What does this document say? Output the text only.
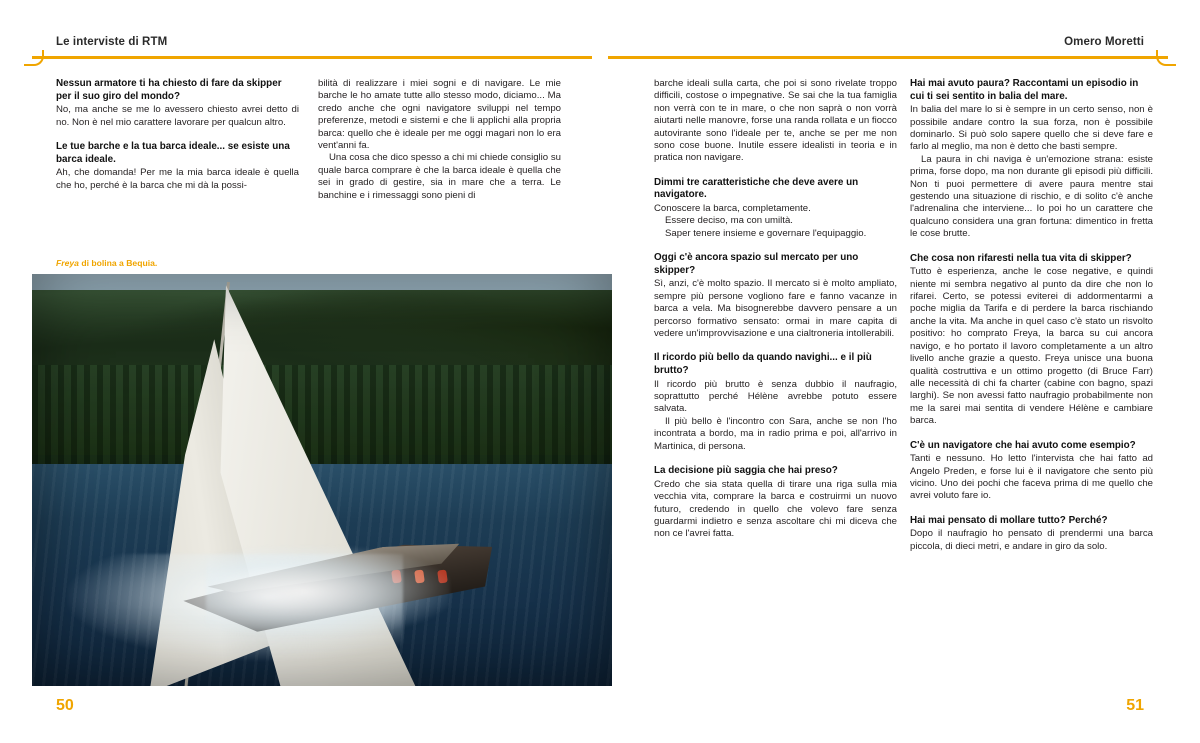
Le interviste di RTM	Omero Moretti
Nessun armatore ti ha chiesto di fare da skipper per il suo giro del mondo?

No, ma anche se me lo avessero chiesto avrei detto di no. Non è nel mio carattere lavorare per qualcun altro.

Le tue barche e la tua barca ideale... se esiste una barca ideale.

Ah, che domanda! Per me la mia barca ideale è quella che ho, perché è la barca che mi dà la possi-

bilità di realizzare i miei sogni e di navigare. Le mie barche le ho amate tutte allo stesso modo, diciamo... Ma credo anche che ogni navigatore sviluppi nel tempo preferenze, metodi e sistemi e che li applichi alla propria barca: quello che è ideale per me oggi magari non lo era vent'anni fa.

Una cosa che dico spesso a chi mi chiede consiglio su quale barca comprare è che la barca ideale è quella che sei in grado di gestire, sia in mare che a terra. Le banchine e i rimessaggi sono pieni di

barche ideali sulla carta, che poi si sono rivelate troppo difficili, costose o impegnative. Se sai che la tua famiglia non verrà con te in mare, o che non saprà o non vorrà aiutarti nelle manovre, forse una randa rollata e un fiocco autovirante sono l'ideale per te, anche se per me non sono cose buone. Inutile essere idealisti in teoria e in pratica non navigare.

Dimmi tre caratteristiche che deve avere un navigatore.

Conoscere la barca, completamente.

Essere deciso, ma con umiltà.

Saper tenere insieme e governare l'equipaggio.

Oggi c'è ancora spazio sul mercato per uno skipper?

Sì, anzi, c'è molto spazio. Il mercato si è molto ampliato, sempre più persone vogliono fare e fanno vacanze in barca a vela. Ma bisognerebbe davvero pensare a un percorso formativo sensato: ormai in mare capita di vedere un'improvvisazione e una cialtroneria intollerabili.

Il ricordo più bello da quando navighi... e il più brutto?

Il ricordo più brutto è senza dubbio il naufragio, soprattutto perché Hélène avrebbe potuto essere salvata.

Il più bello è l'incontro con Sara, anche se non l'ho incontrata a bordo, ma in radio prima e poi, all'arrivo in Martinica, di persona.

La decisione più saggia che hai preso?

Credo che sia stata quella di tirare una riga sulla mia vecchia vita, comprare la barca e costruirmi un nuovo futuro, credendo in quello che volevo fare senza guardarmi indietro e senza ascoltare chi mi diceva che non ce l'avrei fatta.

Hai mai avuto paura? Raccontami un episodio in cui ti sei sentito in balia del mare.

In balia del mare lo si è sempre in un certo senso, non è possibile andare contro la sua forza, non è possibile dominarlo. Si può solo sapere quello che si deve fare e farlo al meglio, ma non è detto che basti sempre.

La paura in chi naviga è un'emozione strana: esiste prima, forse dopo, ma non durante gli episodi più difficili. Non ti puoi permettere di avere paura mentre stai gestendo una situazione di rischio, e di solito c'è anche l'adrenalina che interviene... Io poi ho un carattere che qualcuno considera una gran fortuna: dimentico in fretta le cose brutte.

Che cosa non rifaresti nella tua vita di skipper?

Tutto è esperienza, anche le cose negative, e quindi niente mi sembra negativo al punto da dire che non lo rifarei. Certo, se potessi eviterei di addormentarmi a poche miglia da Tarifa e di perdere la barca rischiando anche la vita. Ma anche in quel caso c'è stato un risvolto positivo: ho comprato Freya, la barca su cui ancora navigo, e ho portato il lavoro completamente a un altro livello anche grazie a questo. Freya unisce una buona qualità costruttiva e un ottimo progetto (di Bruce Farr) alle necessità di chi fa charter (cabine con bagno, spazi larghi). Se non avessi fatto naufragio probabilmente non me la sarei mai sentita di vendere Hélène e cambiare barca.

C'è un navigatore che hai avuto come esempio?

Tanti e nessuno. Ho letto l'intervista che hai fatto ad Angelo Preden, e forse lui è il navigatore che sento più vicino. Uno dei pochi che faceva prima di me quello che avrei voluto fare io.

Hai mai pensato di mollare tutto? Perché?

Dopo il naufragio ho pensato di prendermi una barca piccola, di dieci metri, e andare in giro da solo.

Freya di bolina a Bequia.
50	51
